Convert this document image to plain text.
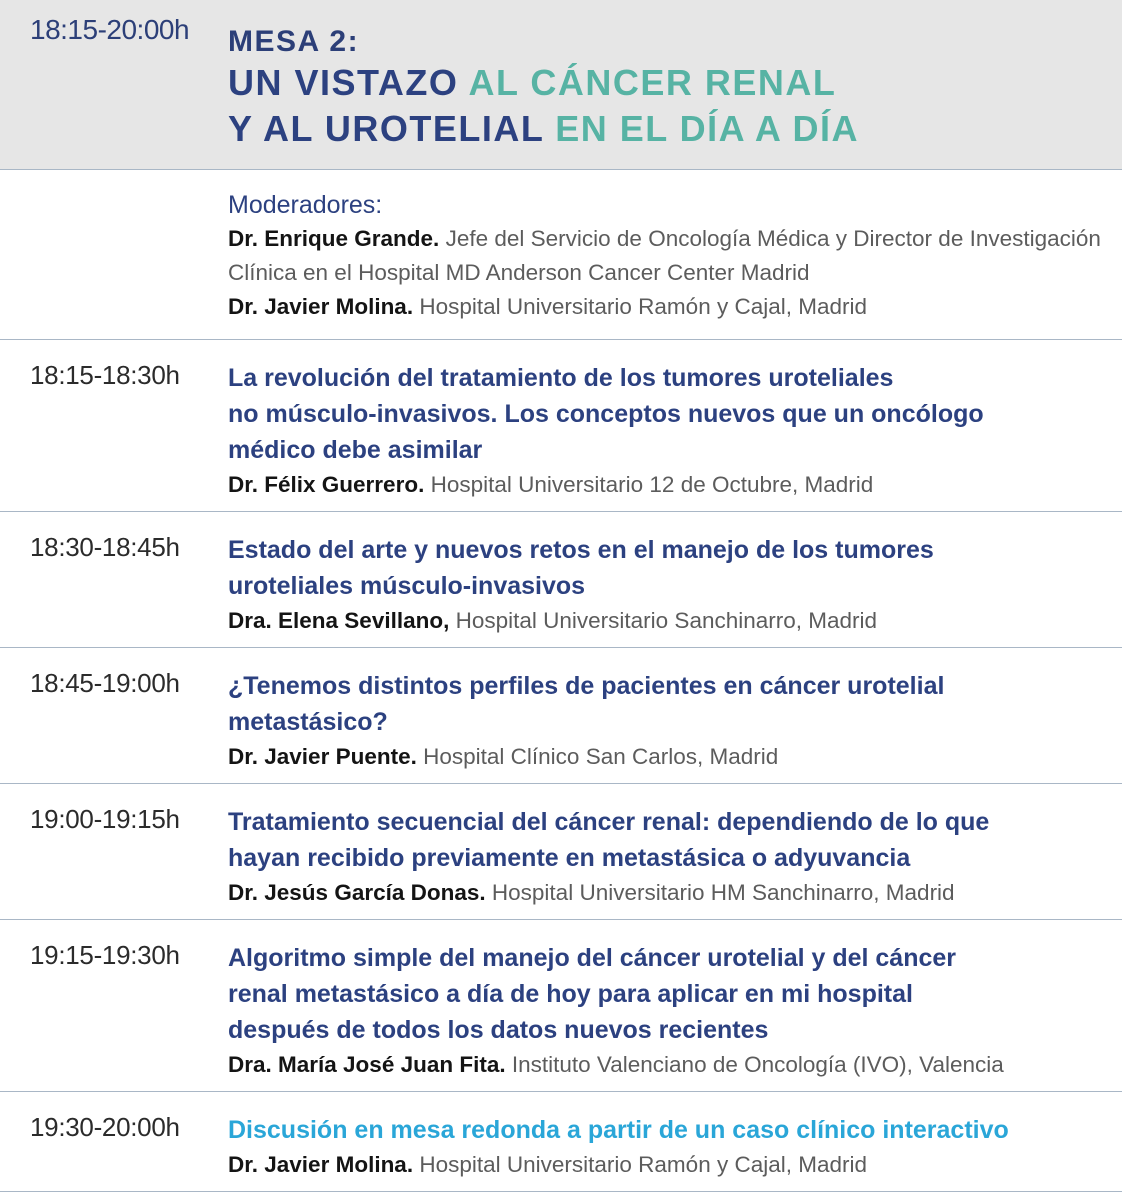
18:15-20:00h MESA 2:
UN VISTAZO AL CÁNCER RENAL
Y AL UROTELIAL EN EL DÍA A DÍA
Moderadores:
Dr. Enrique Grande. Jefe del Servicio de Oncología Médica y Director de Investigación Clínica en el Hospital MD Anderson Cancer Center Madrid
Dr. Javier Molina. Hospital Universitario Ramón y Cajal, Madrid
18:15-18:30h La revolución del tratamiento de los tumores uroteliales
no músculo-invasivos. Los conceptos nuevos que un oncólogo
médico debe asimilar
Dr. Félix Guerrero. Hospital Universitario 12 de Octubre, Madrid
18:30-18:45h Estado del arte y nuevos retos en el manejo de los tumores
uroteliales músculo-invasivos
Dra. Elena Sevillano, Hospital Universitario Sanchinarro, Madrid
18:45-19:00h ¿Tenemos distintos perfiles de pacientes en cáncer urotelial
metastásico?
Dr. Javier Puente. Hospital Clínico San Carlos, Madrid
19:00-19:15h Tratamiento secuencial del cáncer renal: dependiendo de lo que
hayan recibido previamente en metastásica o adyuvancia
Dr. Jesús García Donas. Hospital Universitario HM Sanchinarro, Madrid
19:15-19:30h Algoritmo simple del manejo del cáncer urotelial y del cáncer
renal metastásico a día de hoy para aplicar en mi hospital
después de todos los datos nuevos recientes
Dra. María José Juan Fita. Instituto Valenciano de Oncología (IVO), Valencia
19:30-20:00h Discusión en mesa redonda a partir de un caso clínico interactivo
Dr. Javier Molina. Hospital Universitario Ramón y Cajal, Madrid
